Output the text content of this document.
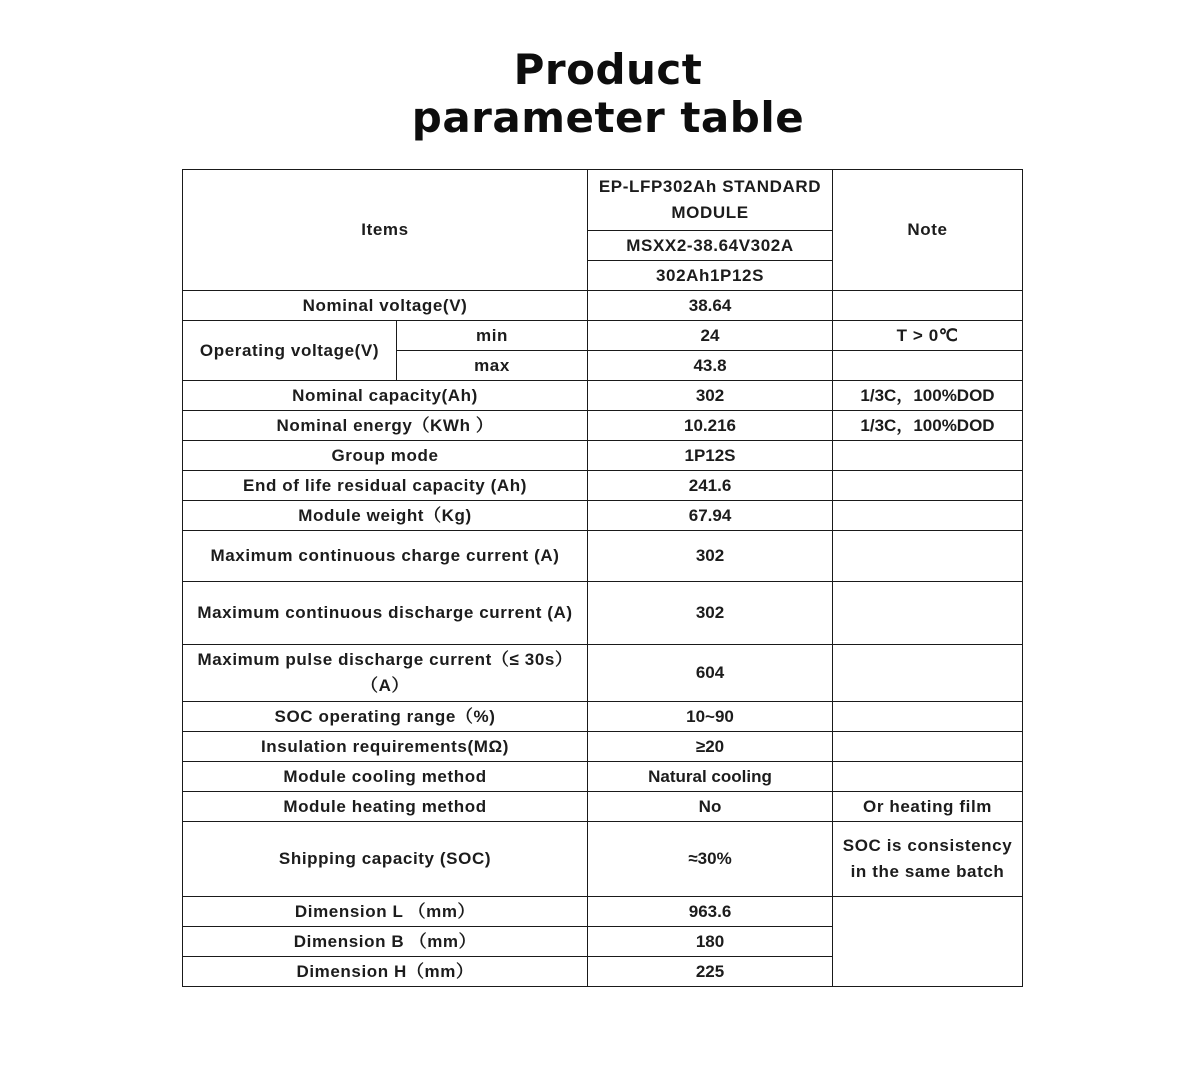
Product
parameter table
Items		EP-LFP302Ah STANDARD MODULE	Note
		MSXX2-38.64V302A	
		302Ah1P12S	
Nominal voltage(V)		38.64	
Operating voltage(V)	min	24	T > 0℃
	max	43.8	
Nominal capacity(Ah)		302	1/3C，100%DOD
Nominal energy（KWh ）		10.216	1/3C，100%DOD
Group mode		1P12S	
End of life residual capacity (Ah)		241.6	
Module weight（Kg)		67.94	
Maximum continuous charge current (A)		302	
Maximum continuous discharge current (A)		302	
Maximum pulse discharge current（≤ 30s）（A）		604	
SOC operating range（%)		10~90	
Insulation requirements(MΩ)		≥20	
Module cooling method		Natural cooling	
Module heating method		No	Or heating film
Shipping capacity (SOC)		≈30%	SOC is consistency in the same batch
Dimension L （mm）		963.6	
Dimension B （mm）		180	
Dimension H（mm）		225	
